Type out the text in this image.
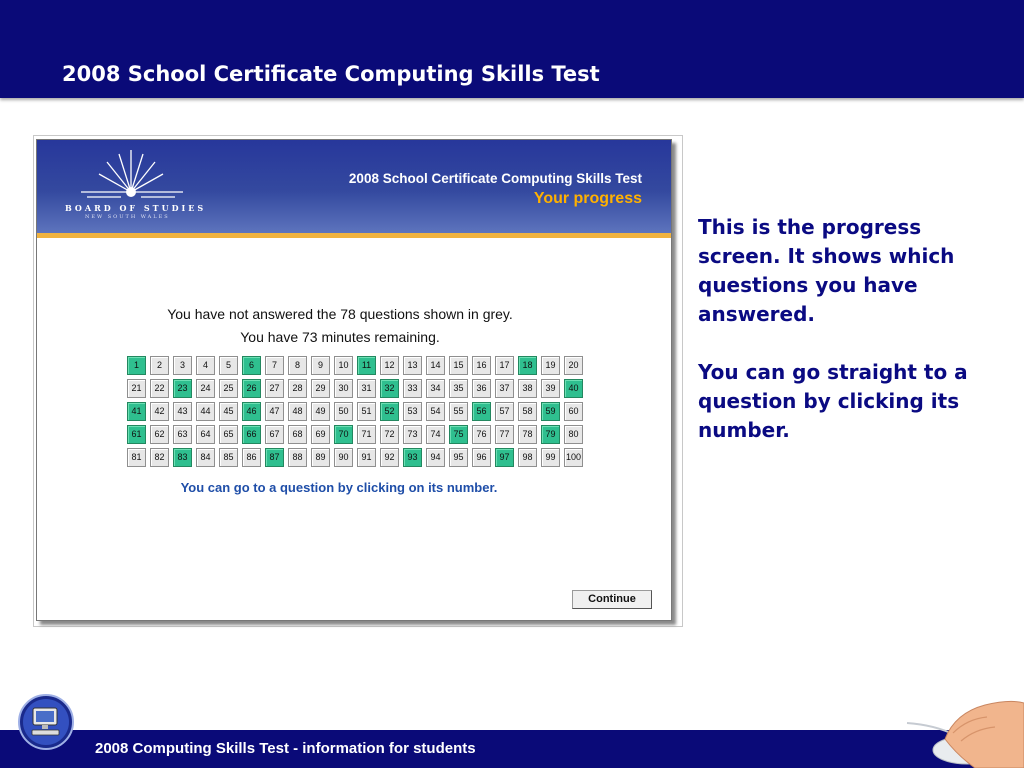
2008 School Certificate Computing Skills Test
BOARD OF STUDIES
NEW SOUTH WALES
2008 School Certificate Computing Skills Test
Your progress
You have not answered the 78 questions shown in grey.
You have 73 minutes remaining.
1	2	3	4	5	6	7	8	9	10	11	12	13	14	15	16	17	18	19	20
21	22	23	24	25	26	27	28	29	30	31	32	33	34	35	36	37	38	39	40
41	42	43	44	45	46	47	48	49	50	51	52	53	54	55	56	57	58	59	60
61	62	63	64	65	66	67	68	69	70	71	72	73	74	75	76	77	78	79	80
81	82	83	84	85	86	87	88	89	90	91	92	93	94	95	96	97	98	99	100
You can go to a question by clicking on its number.
Continue

This is the progress screen. It shows which questions you have answered.

You can go straight to a question by clicking its number.

2008 Computing Skills Test - information for students
